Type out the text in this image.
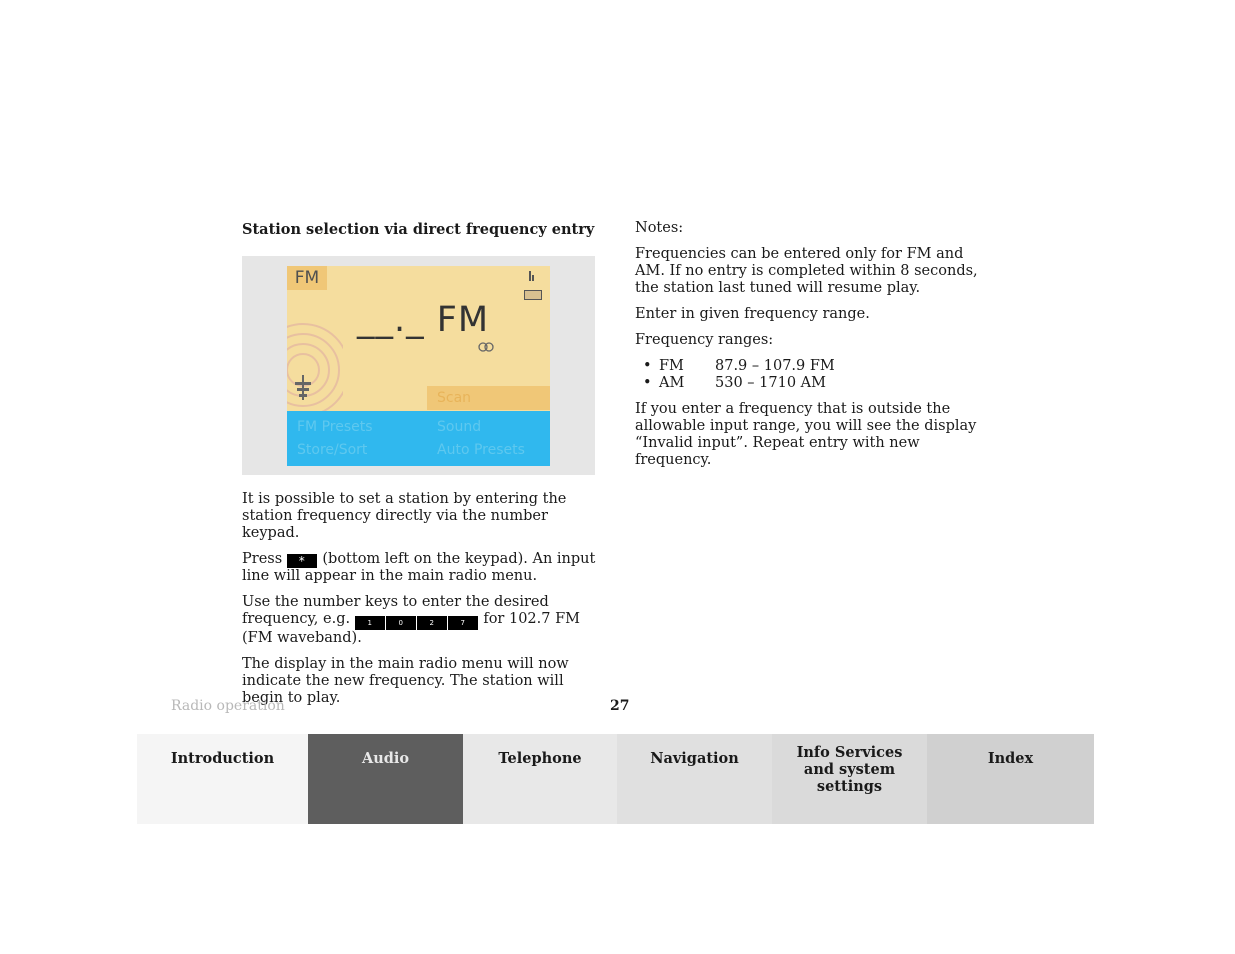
Station selection via direct frequency entry
FM
__._ FM
Scan
FM Presets	Sound
Store/Sort	Auto Presets

It is possible to set a station by entering the station frequency directly via the number keypad.

Press * (bottom left on the keypad). An input line will appear in the main radio menu.

Use the number keys to enter the desired frequency, e.g. 1	0	2	7 for 102.7 FM (FM waveband).

The display in the main radio menu will now indicate the new frequency. The station will begin to play.

Notes:

Frequencies can be entered only for FM and AM. If no entry is completed within 8 seconds, the station last tuned will resume play.

Enter in given frequency range.

Frequency ranges:

• FM 87.9 – 107.9 FM
• AM 530 – 1710 AM

If you enter a frequency that is outside the allowable input range, you will see the display “Invalid input”. Repeat entry with new frequency.

Radio operation	27
Introduction	Audio	Telephone	Navigation	Info Services and system settings
Index
